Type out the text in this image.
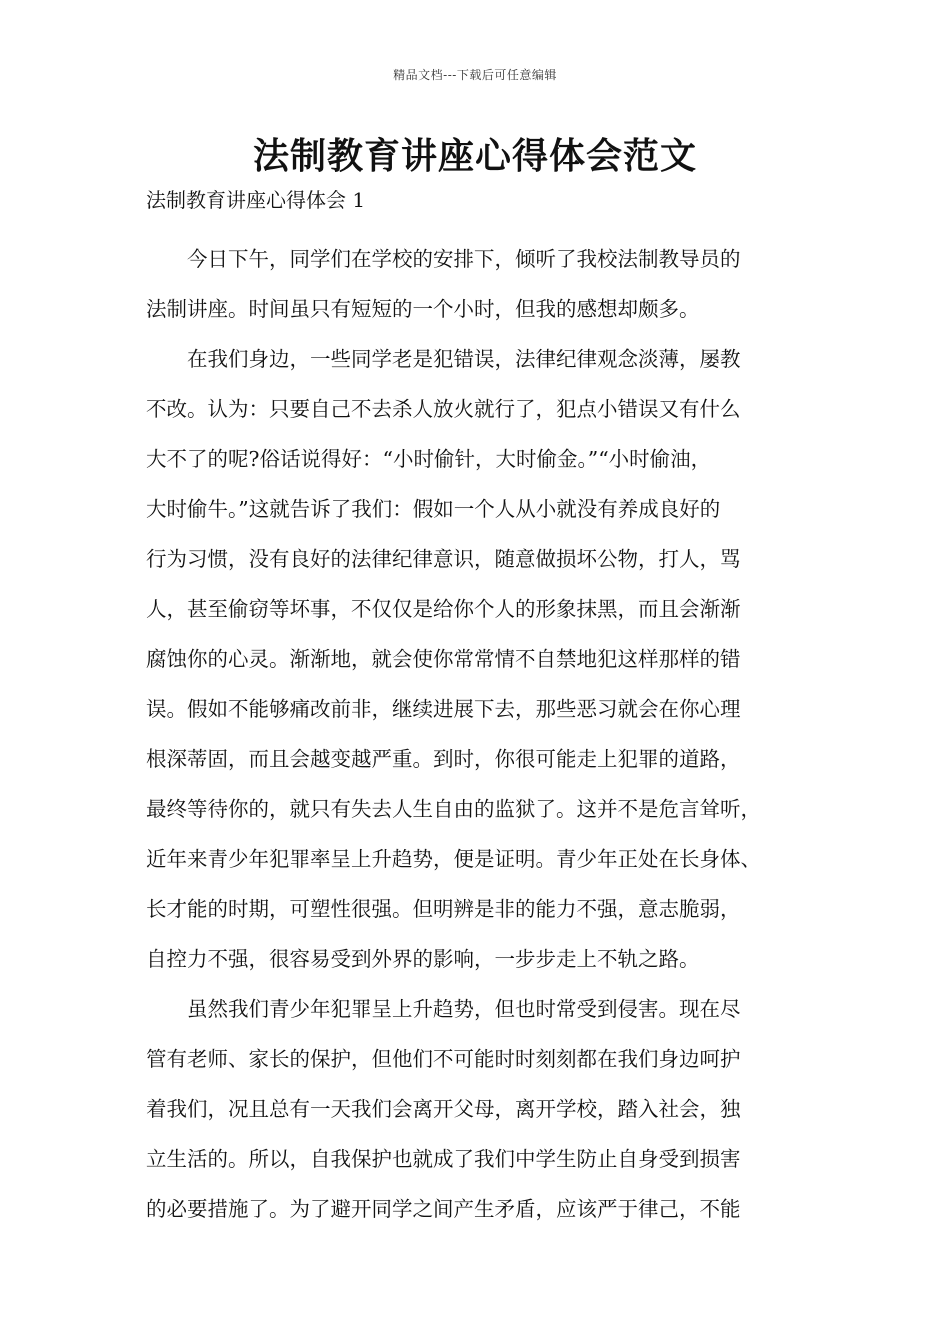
精品文档---下载后可任意编辑
法制教育讲座心得体会范文
法制教育讲座心得体会 1
今日下午，同学们在学校的安排下，倾听了我校法制教导员的
法制讲座。时间虽只有短短的一个小时，但我的感想却颇多。
在我们身边，一些同学老是犯错误，法律纪律观念淡薄，屡教
不改。认为：只要自己不去杀人放火就行了，犯点小错误又有什么
大不了的呢?俗话说得好：“小时偷针，大时偷金。”“小时偷油，
大时偷牛。”这就告诉了我们：假如一个人从小就没有养成良好的
行为习惯，没有良好的法律纪律意识，随意做损坏公物，打人，骂
人，甚至偷窃等坏事，不仅仅是给你个人的形象抹黑，而且会渐渐
腐蚀你的心灵。渐渐地，就会使你常常情不自禁地犯这样那样的错
误。假如不能够痛改前非，继续进展下去，那些恶习就会在你心理
根深蒂固，而且会越变越严重。到时，你很可能走上犯罪的道路，
最终等待你的，就只有失去人生自由的监狱了。这并不是危言耸听，
近年来青少年犯罪率呈上升趋势，便是证明。青少年正处在长身体、
长才能的时期，可塑性很强。但明辨是非的能力不强，意志脆弱，
自控力不强，很容易受到外界的影响，一步步走上不轨之路。
虽然我们青少年犯罪呈上升趋势，但也时常受到侵害。现在尽
管有老师、家长的保护，但他们不可能时时刻刻都在我们身边呵护
着我们，况且总有一天我们会离开父母，离开学校，踏入社会，独
立生活的。所以，自我保护也就成了我们中学生防止自身受到损害
的必要措施了。为了避开同学之间产生矛盾，应该严于律己，不能
